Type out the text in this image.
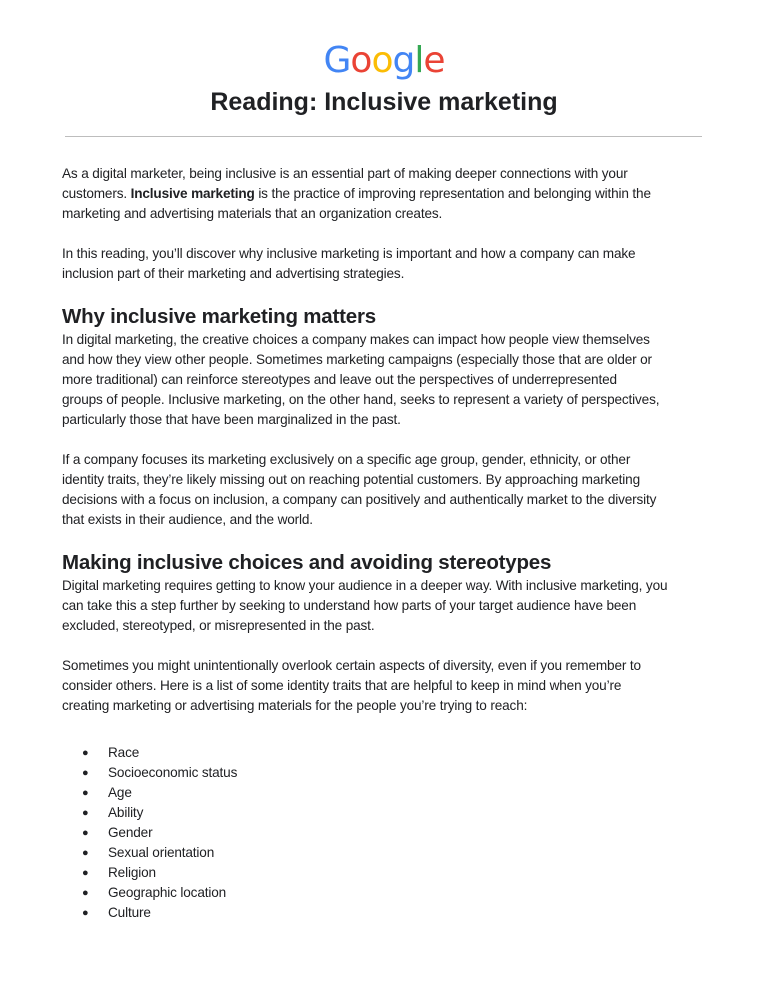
Google
Reading: Inclusive marketing

As a digital marketer, being inclusive is an essential part of making deeper connections with your
customers. Inclusive marketing is the practice of improving representation and belonging within the
marketing and advertising materials that an organization creates.

In this reading, you’ll discover why inclusive marketing is important and how a company can make
inclusion part of their marketing and advertising strategies.

Why inclusive marketing matters

In digital marketing, the creative choices a company makes can impact how people view themselves
and how they view other people. Sometimes marketing campaigns (especially those that are older or
more traditional) can reinforce stereotypes and leave out the perspectives of underrepresented
groups of people. Inclusive marketing, on the other hand, seeks to represent a variety of perspectives,
particularly those that have been marginalized in the past.

If a company focuses its marketing exclusively on a specific age group, gender, ethnicity, or other
identity traits, they’re likely missing out on reaching potential customers. By approaching marketing
decisions with a focus on inclusion, a company can positively and authentically market to the diversity
that exists in their audience, and the world.

Making inclusive choices and avoiding stereotypes

Digital marketing requires getting to know your audience in a deeper way. With inclusive marketing, you
can take this a step further by seeking to understand how parts of your target audience have been
excluded, stereotyped, or misrepresented in the past.

Sometimes you might unintentionally overlook certain aspects of diversity, even if you remember to
consider others. Here is a list of some identity traits that are helpful to keep in mind when you’re
creating marketing or advertising materials for the people you’re trying to reach:

● Race
● Socioeconomic status
● Age
● Ability
● Gender
● Sexual orientation
● Religion
● Geographic location
● Culture
